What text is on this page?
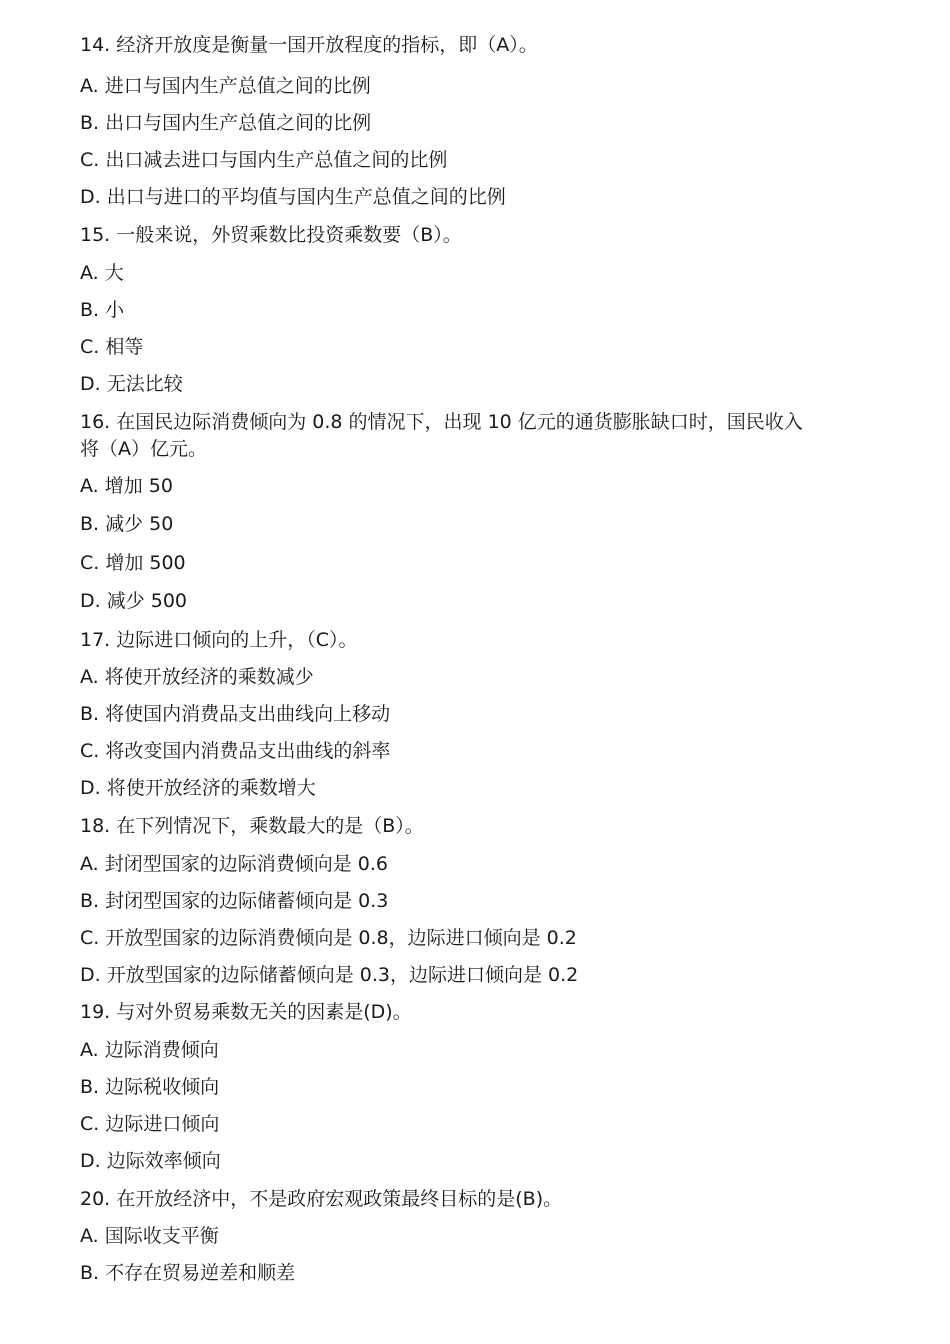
14. 经济开放度是衡量一国开放程度的指标，即（A）。
A. 进口与国内生产总值之间的比例
B. 出口与国内生产总值之间的比例
C. 出口减去进口与国内生产总值之间的比例
D. 出口与进口的平均值与国内生产总值之间的比例
15. 一般来说，外贸乘数比投资乘数要（B）。
A. 大
B. 小
C. 相等
D. 无法比较
16. 在国民边际消费倾向为 0.8 的情况下，出现 10 亿元的通货膨胀缺口时，国民收入
将（A）亿元。
A. 增加 50
B. 减少 50
C. 增加 500
D. 减少 500
17. 边际进口倾向的上升，（C）。
A. 将使开放经济的乘数减少
B. 将使国内消费品支出曲线向上移动
C. 将改变国内消费品支出曲线的斜率
D. 将使开放经济的乘数增大
18. 在下列情况下，乘数最大的是（B）。
A. 封闭型国家的边际消费倾向是 0.6
B. 封闭型国家的边际储蓄倾向是 0.3
C. 开放型国家的边际消费倾向是 0.8，边际进口倾向是 0.2
D. 开放型国家的边际储蓄倾向是 0.3，边际进口倾向是 0.2
19. 与对外贸易乘数无关的因素是(D)。
A. 边际消费倾向
B. 边际税收倾向
C. 边际进口倾向
D. 边际效率倾向
20. 在开放经济中，不是政府宏观政策最终目标的是(B)。
A. 国际收支平衡
B. 不存在贸易逆差和顺差
